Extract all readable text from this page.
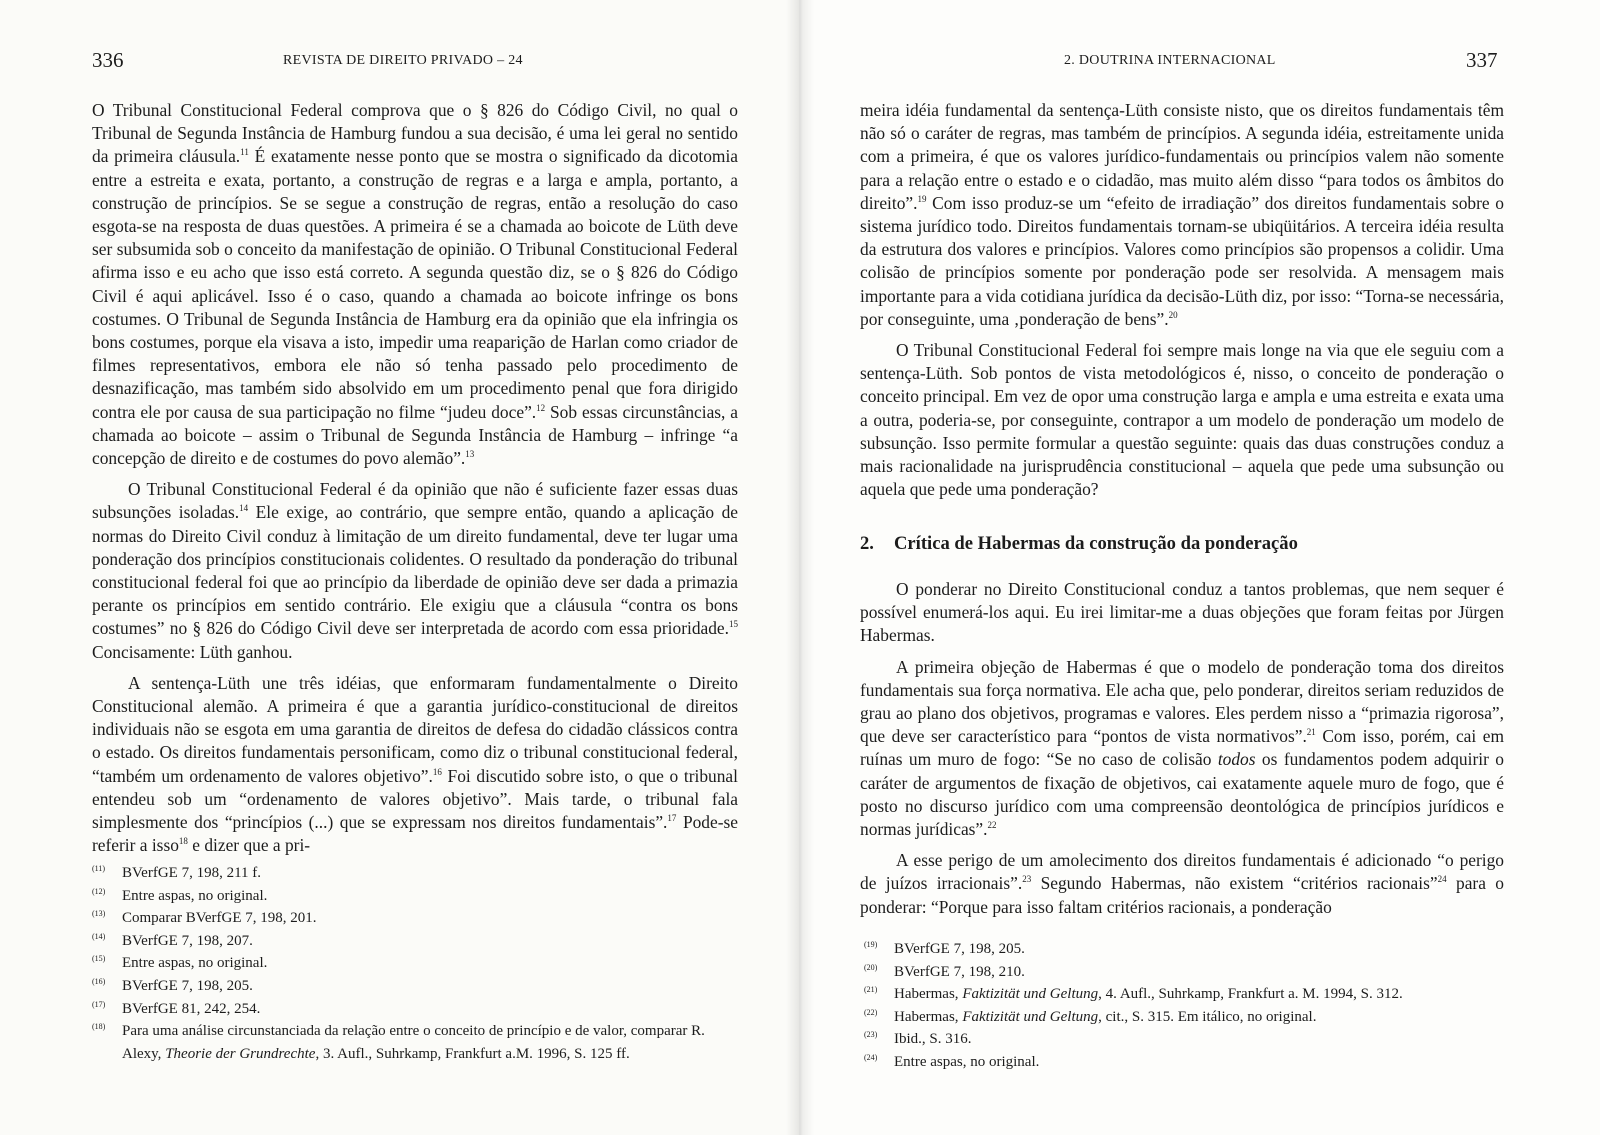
336	REVISTA DE DIREITO PRIVADO – 24

O Tribunal Constitucional Federal comprova que o § 826 do Código Civil, no qual o Tribunal de Segunda Instância de Hamburg fundou a sua decisão, é uma lei geral no sentido da primeira cláusula.$^{11}$ É exatamente nesse ponto que se mostra o significado da dicotomia entre a estreita e exata, portanto, a construção de regras e a larga e ampla, portanto, a construção de princípios. Se se segue a construção de regras, então a resolução do caso esgota-se na resposta de duas questões. A primeira é se a chamada ao boicote de Lüth deve ser subsumida sob o conceito da manifestação de opinião. O Tribunal Constitucional Federal afirma isso e eu acho que isso está correto. A segunda questão diz, se o § 826 do Código Civil é aqui aplicável. Isso é o caso, quando a chamada ao boicote infringe os bons costumes. O Tribunal de Segunda Instância de Hamburg era da opinião que ela infringia os bons costumes, porque ela visava a isto, impedir uma reaparição de Harlan como criador de filmes representativos, embora ele não só tenha passado pelo procedimento de desnazificação, mas também sido absolvido em um procedimento penal que fora dirigido contra ele por causa de sua participação no filme “judeu doce”.$^{12}$ Sob essas circunstâncias, a chamada ao boicote – assim o Tribunal de Segunda Instância de Hamburg – infringe “a concepção de direito e de costumes do povo alemão”.$^{13}$

O Tribunal Constitucional Federal é da opinião que não é suficiente fazer essas duas subsunções isoladas.$^{14}$ Ele exige, ao contrário, que sempre então, quando a aplicação de normas do Direito Civil conduz à limitação de um direito fundamental, deve ter lugar uma ponderação dos princípios constitucionais colidentes. O resultado da ponderação do tribunal constitucional federal foi que ao princípio da liberdade de opinião deve ser dada a primazia perante os princípios em sentido contrário. Ele exigiu que a cláusula “contra os bons costumes” no § 826 do Código Civil deve ser interpretada de acordo com essa prioridade.$^{15}$ Concisamente: Lüth ganhou.

A sentença-Lüth une três idéias, que enformaram fundamentalmente o Direito Constitucional alemão. A primeira é que a garantia jurídico-constitucional de direitos individuais não se esgota em uma garantia de direitos de defesa do cidadão clássicos contra o estado. Os direitos fundamentais personificam, como diz o tribunal constitucional federal, “também um ordenamento de valores objetivo”.$^{16}$ Foi discutido sobre isto, o que o tribunal entendeu sob um “ordenamento de valores objetivo”. Mais tarde, o tribunal fala simplesmente dos “princípios (...) que se expressam nos direitos fundamentais”.$^{17}$ Pode-se referir a isso$^{18}$ e dizer que a pri-

(11)	BVerfGE 7, 198, 211 f.
(12)	Entre aspas, no original.
(13)	Comparar BVerfGE 7, 198, 201.
(14)	BVerfGE 7, 198, 207.
(15)	Entre aspas, no original.
(16)	BVerfGE 7, 198, 205.
(17)	BVerfGE 81, 242, 254.
(18)	Para uma análise circunstanciada da relação entre o conceito de princípio e de valor, comparar R. Alexy, Theorie der Grundrechte, 3. Aufl., Suhrkamp, Frankfurt a.M. 1996, S. 125 ff.
2. DOUTRINA INTERNACIONAL	337

meira idéia fundamental da sentença-Lüth consiste nisto, que os direitos fundamentais têm não só o caráter de regras, mas também de princípios. A segunda idéia, estreitamente unida com a primeira, é que os valores jurídico-fundamentais ou princípios valem não somente para a relação entre o estado e o cidadão, mas muito além disso “para todos os âmbitos do direito”.$^{19}$ Com isso produz-se um “efeito de irradiação” dos direitos fundamentais sobre o sistema jurídico todo. Direitos fundamentais tornam-se ubiqüitários. A terceira idéia resulta da estrutura dos valores e princípios. Valores como princípios são propensos a colidir. Uma colisão de princípios somente por ponderação pode ser resolvida. A mensagem mais importante para a vida cotidiana jurídica da decisão-Lüth diz, por isso: “Torna-se necessária, por conseguinte, uma ‚ponderação de bens”.$^{20}$

O Tribunal Constitucional Federal foi sempre mais longe na via que ele seguiu com a sentença-Lüth. Sob pontos de vista metodológicos é, nisso, o conceito de ponderação o conceito principal. Em vez de opor uma construção larga e ampla e uma estreita e exata uma a outra, poderia-se, por conseguinte, contrapor a um modelo de ponderação um modelo de subsunção. Isso permite formular a questão seguinte: quais das duas construções conduz a mais racionalidade na jurisprudência constitucional – aquela que pede uma subsunção ou aquela que pede uma ponderação?

2. Crítica de Habermas da construção da ponderação

O ponderar no Direito Constitucional conduz a tantos problemas, que nem sequer é possível enumerá-los aqui. Eu irei limitar-me a duas objeções que foram feitas por Jürgen Habermas.

A primeira objeção de Habermas é que o modelo de ponderação toma dos direitos fundamentais sua força normativa. Ele acha que, pelo ponderar, direitos seriam reduzidos de grau ao plano dos objetivos, programas e valores. Eles perdem nisso a “primazia rigorosa”, que deve ser característico para “pontos de vista normativos”.$^{21}$ Com isso, porém, cai em ruínas um muro de fogo: “Se no caso de colisão todos os fundamentos podem adquirir o caráter de argumentos de fixação de objetivos, cai exatamente aquele muro de fogo, que é posto no discurso jurídico com uma compreensão deontológica de princípios jurídicos e normas jurídicas”.$^{22}$

A esse perigo de um amolecimento dos direitos fundamentais é adicionado “o perigo de juízos irracionais”.$^{23}$ Segundo Habermas, não existem “critérios racionais”$^{24}$ para o ponderar: “Porque para isso faltam critérios racionais, a ponderação

(19)	BVerfGE 7, 198, 205.
(20)	BVerfGE 7, 198, 210.
(21)	Habermas, Faktizität und Geltung, 4. Aufl., Suhrkamp, Frankfurt a. M. 1994, S. 312.
(22)	Habermas, Faktizität und Geltung, cit., S. 315. Em itálico, no original.
(23)	Ibid., S. 316.
(24)	Entre aspas, no original.
